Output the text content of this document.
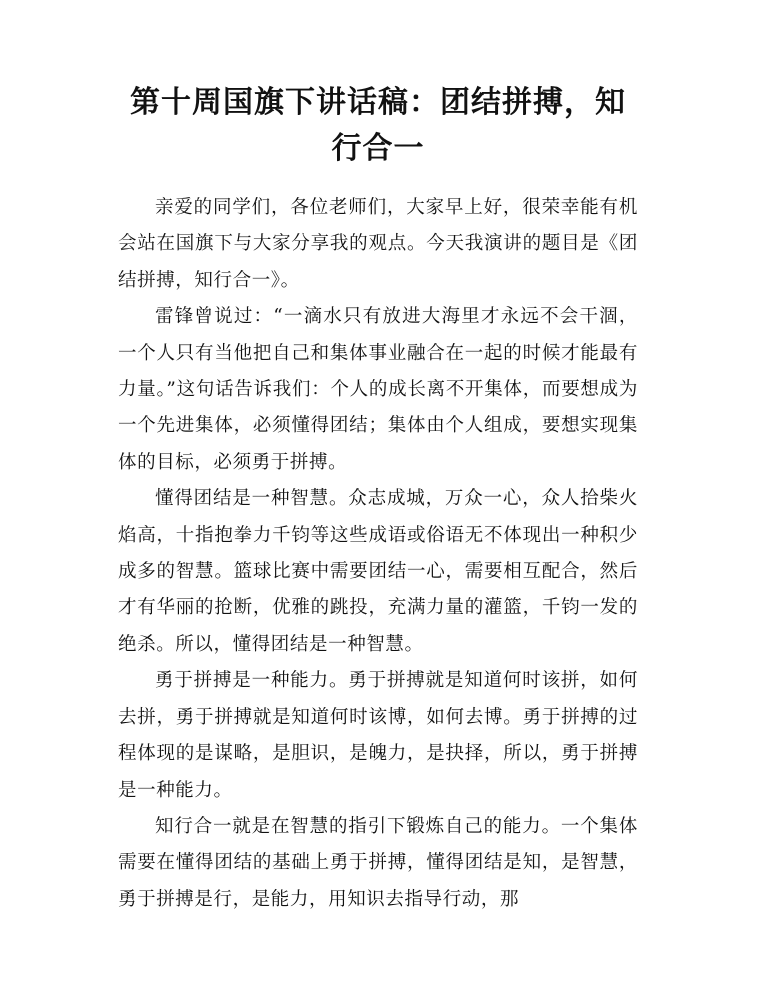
第十周国旗下讲话稿：团结拼搏，知行合一

亲爱的同学们，各位老师们，大家早上好，很荣幸能有机会站在国旗下与大家分享我的观点。今天我演讲的题目是《团结拼搏，知行合一》。

雷锋曾说过：“一滴水只有放进大海里才永远不会干涸，一个人只有当他把自己和集体事业融合在一起的时候才能最有力量。”这句话告诉我们：个人的成长离不开集体，而要想成为一个先进集体，必须懂得团结；集体由个人组成，要想实现集体的目标，必须勇于拼搏。

懂得团结是一种智慧。众志成城，万众一心，众人拾柴火焰高，十指抱拳力千钧等这些成语或俗语无不体现出一种积少成多的智慧。篮球比赛中需要团结一心，需要相互配合，然后才有华丽的抢断，优雅的跳投，充满力量的灌篮，千钧一发的绝杀。所以，懂得团结是一种智慧。

勇于拼搏是一种能力。勇于拼搏就是知道何时该拼，如何去拼，勇于拼搏就是知道何时该博，如何去博。勇于拼搏的过程体现的是谋略，是胆识，是魄力，是抉择，所以，勇于拼搏是一种能力。

知行合一就是在智慧的指引下锻炼自己的能力。一个集体需要在懂得团结的基础上勇于拼搏，懂得团结是知，是智慧，勇于拼搏是行，是能力，用知识去指导行动，那
